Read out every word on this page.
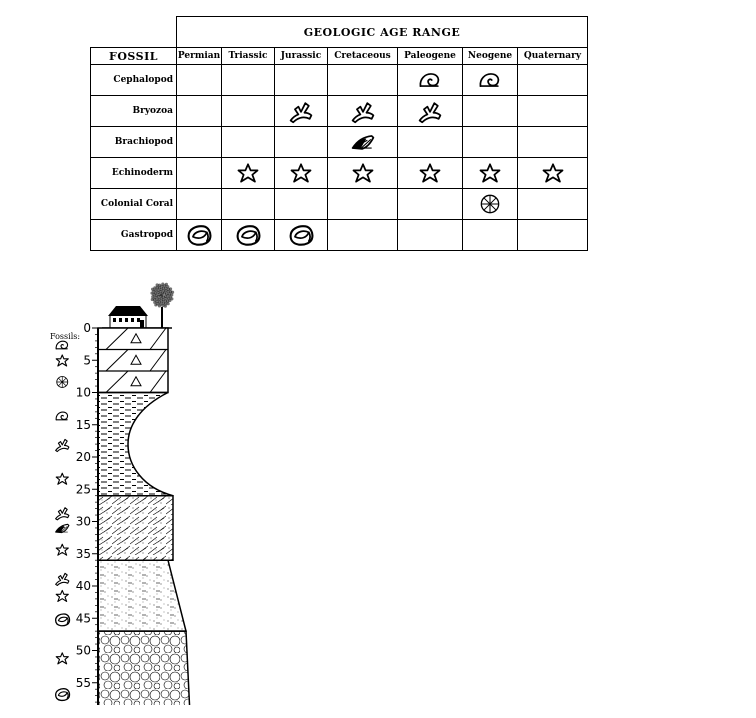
	GEOLOGIC AGE RANGE						
FOSSIL	Permian	Triassic	Jurassic	Cretaceous	Paleogene	Neogene	Quaternary
Cephalopod					

Bryozoa			

Brachiopod				

Echinoderm		

Colonial Coral						

Gastropod	

0
5
10
15
20
25
30
35
40
45
50
55
Fossils:
